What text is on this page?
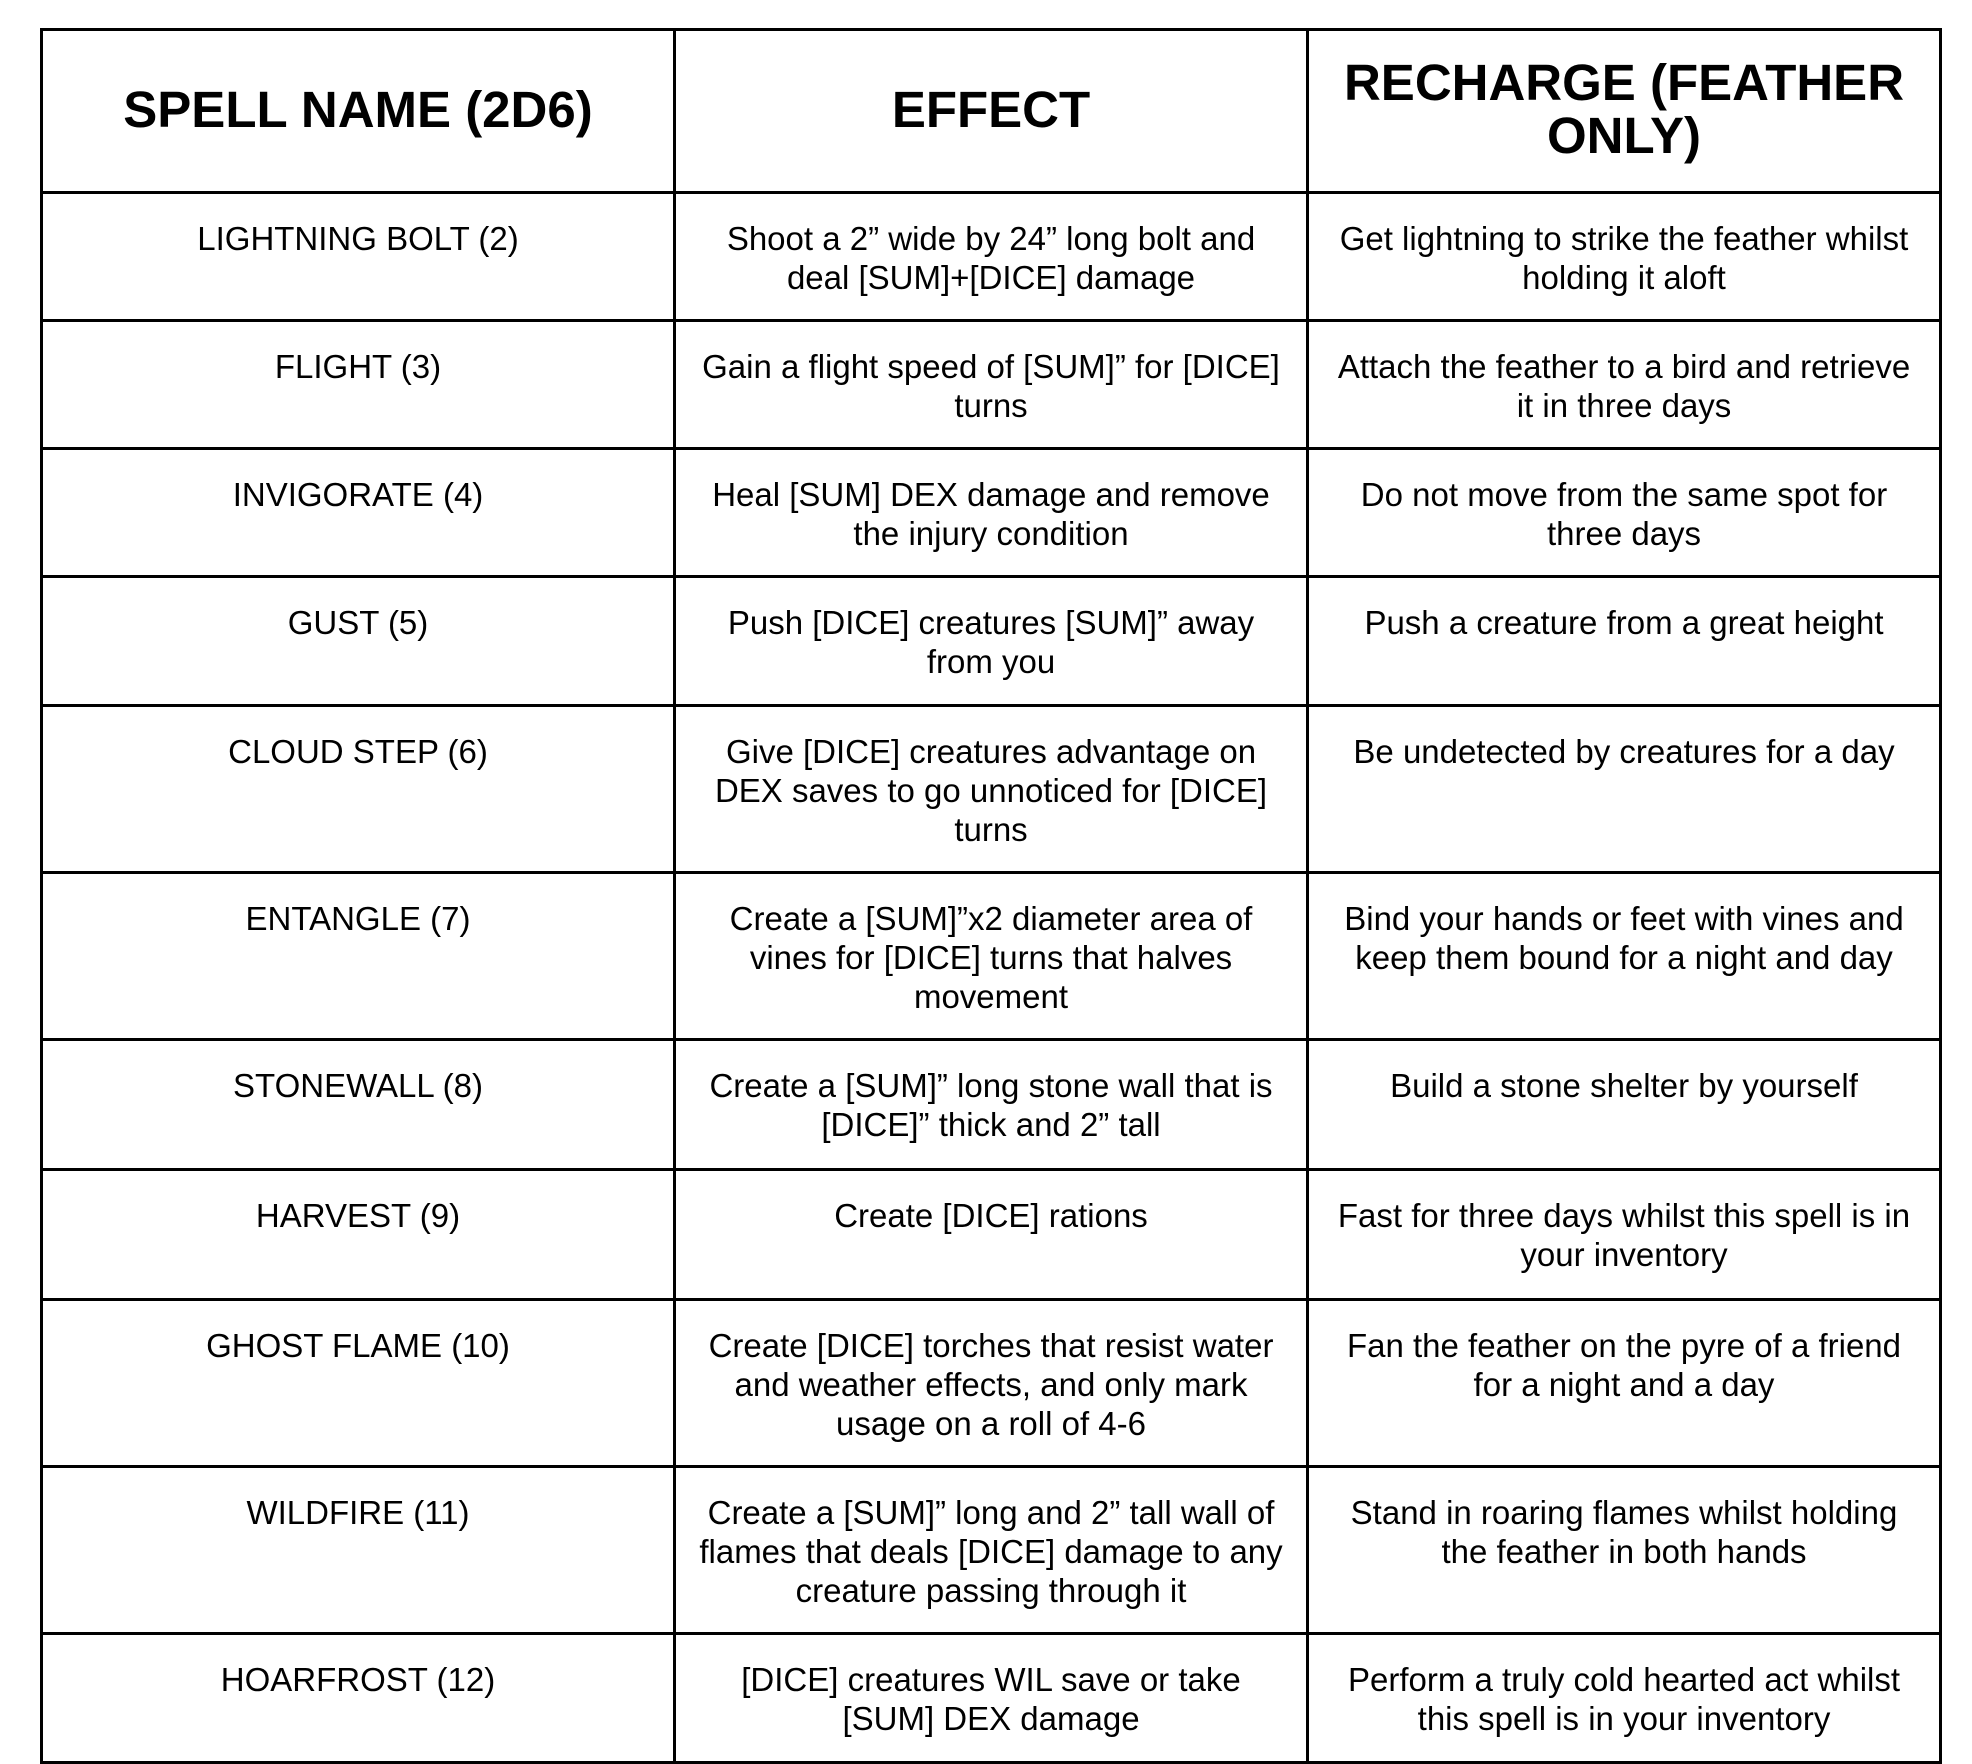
SPELL NAME (2D6)	EFFECT	RECHARGE (FEATHER ONLY)
LIGHTNING BOLT (2)	Shoot a 2” wide by 24” long bolt and deal [SUM]+[DICE] damage	Get lightning to strike the feather whilst holding it aloft
FLIGHT (3)	Gain a flight speed of [SUM]” for [DICE] turns	Attach the feather to a bird and retrieve it in three days
INVIGORATE (4)	Heal [SUM] DEX damage and remove the injury condition	Do not move from the same spot for three days
GUST (5)	Push [DICE] creatures [SUM]” away from you	Push a creature from a great height
CLOUD STEP (6)	Give [DICE] creatures advantage on DEX saves to go unnoticed for [DICE] turns	Be undetected by creatures for a day
ENTANGLE (7)	Create a [SUM]”x2 diameter area of vines for [DICE] turns that halves movement	Bind your hands or feet with vines and keep them bound for a night and day
STONEWALL (8)	Create a [SUM]” long stone wall that is [DICE]” thick and 2” tall	Build a stone shelter by yourself
HARVEST (9)	Create [DICE] rations	Fast for three days whilst this spell is in your inventory
GHOST FLAME (10)	Create [DICE] torches that resist water and weather effects, and only mark usage on a roll of 4-6	Fan the feather on the pyre of a friend for a night and a day
WILDFIRE (11)	Create a [SUM]” long and 2” tall wall of flames that deals [DICE] damage to any creature passing through it	Stand in roaring flames whilst holding the feather in both hands
HOARFROST (12)	[DICE] creatures WIL save or take [SUM] DEX damage	Perform a truly cold hearted act whilst this spell is in your inventory
